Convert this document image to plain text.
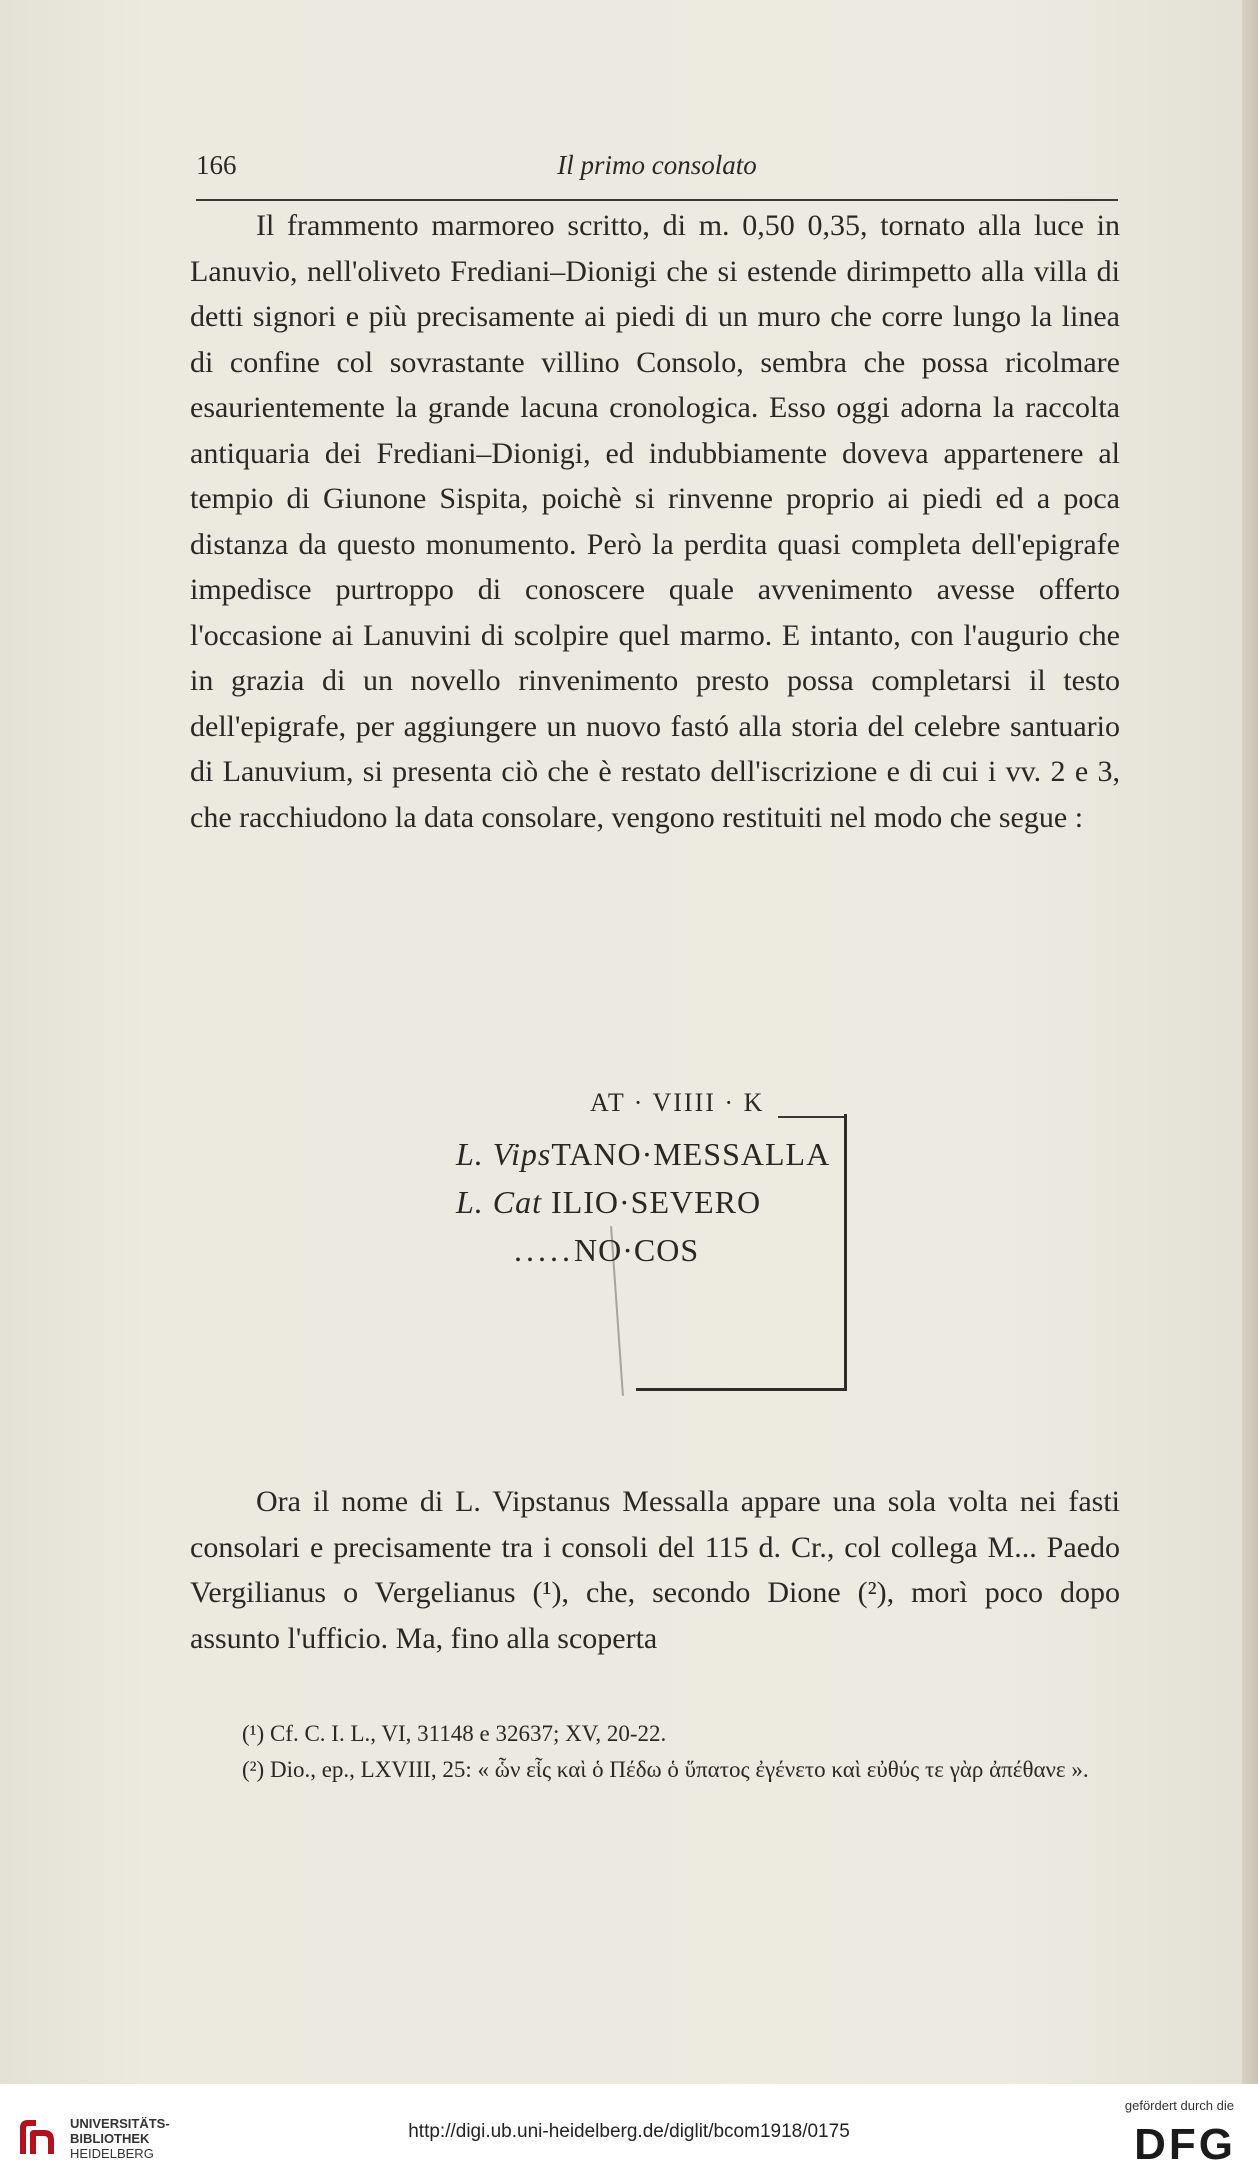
166	Il primo consolato
Il frammento marmoreo scritto, di m. 0,50 0,35, tornato alla luce in Lanuvio, nell'oliveto Frediani–Dionigi che si estende dirimpetto alla villa di detti signori e più precisamente ai piedi di un muro che corre lungo la linea di confine col sovrastante villino Consolo, sembra che possa ricolmare esaurientemente la grande lacuna cronologica. Esso oggi adorna la raccolta antiquaria dei Frediani–Dionigi, ed indubbiamente doveva appartenere al tempio di Giunone Sispita, poichè si rinvenne proprio ai piedi ed a poca distanza da questo monumento. Però la perdita quasi completa dell'epigrafe impedisce purtroppo di conoscere quale avvenimento avesse offerto l'occasione ai Lanuvini di scolpire quel marmo. E intanto, con l'augurio che in grazia di un novello rinvenimento presto possa completarsi il testo dell'epigrafe, per aggiungere un nuovo fastó alla storia del celebre santuario di Lanuvium, si presenta ciò che è restato dell'iscrizione e di cui i vv. 2 e 3, che racchiudono la data consolare, vengono restituiti nel modo che segue :
AT · VIIII · K
L. VipsTANO·MESSALLA
L. Cat ILIO·SEVERO
.....NO·COS
Ora il nome di L. Vipstanus Messalla appare una sola volta nei fasti consolari e precisamente tra i consoli del 115 d. Cr., col collega M... Paedo Vergilianus o Vergelianus (¹), che, secondo Dione (²), morì poco dopo assunto l'ufficio. Ma, fino alla scoperta
(¹) Cf. C. I. L., VI, 31148 e 32637; XV, 20-22.
(²) Dio., ep., LXVIII, 25: « ὧν εἷς καὶ ὁ Πέδω ὁ ὕπατος ἐγένετο καὶ εὐθύς τε γὰρ ἀπέθανε ».
UNIVERSITÄTS-
BIBLIOTHEK
HEIDELBERG
http://digi.ub.uni-heidelberg.de/diglit/bcom1918/0175
gefördert durch die
DFG
